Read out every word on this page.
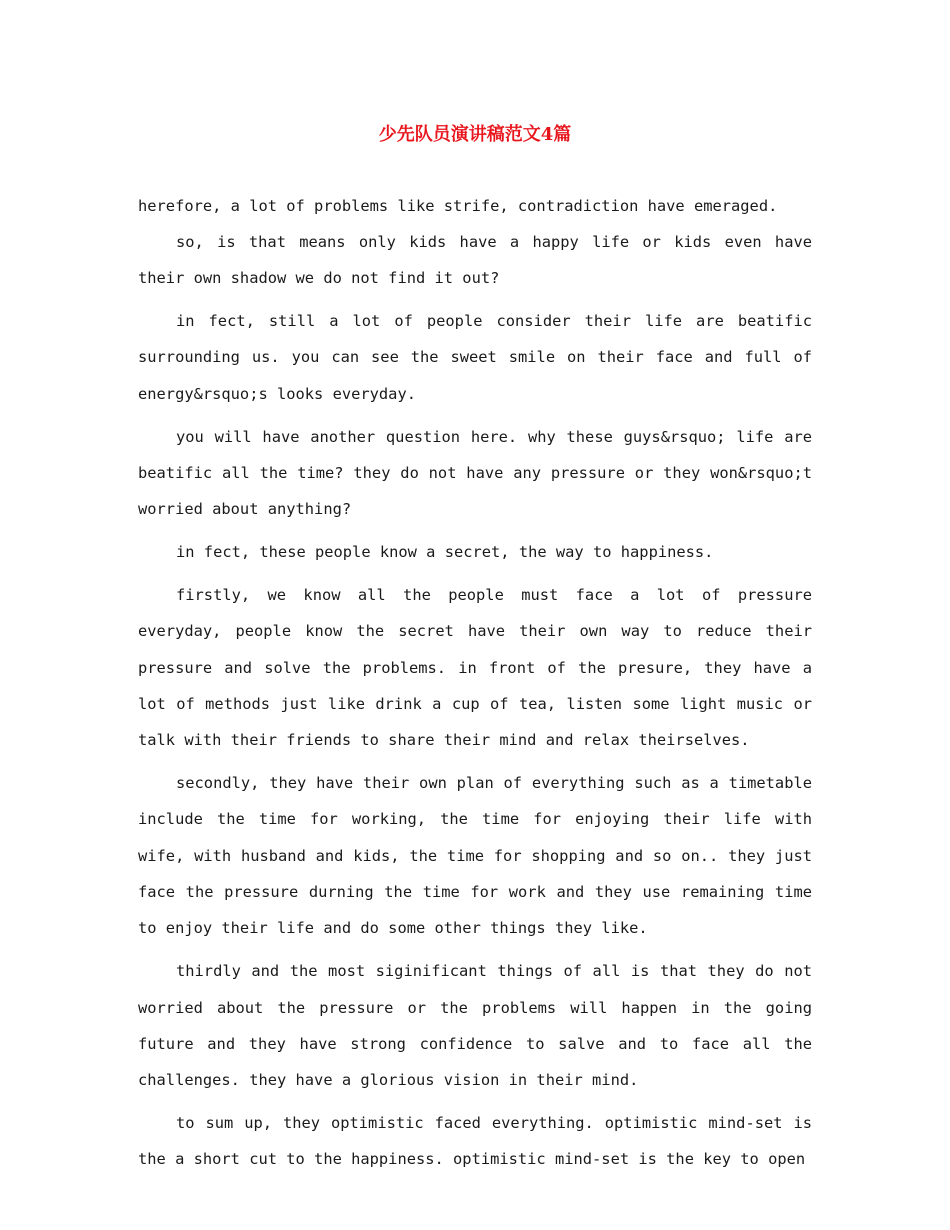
少先队员演讲稿范文4篇

herefore, a lot of problems like strife, contradiction have emeraged.

so, is that means only kids have a happy life or kids even have their own shadow we do not find it out?

in fect, still a lot of people consider their life are beatific surrounding us. you can see the sweet smile on their face and full of energy&rsquo;s looks everyday.

you will have another question here. why these guys&rsquo; life are beatific all the time? they do not have any pressure or they won&rsquo;t worried about anything?

in fect, these people know a secret, the way to happiness.

firstly, we know all the people must face a lot of pressure everyday, people know the secret have their own way to reduce their pressure and solve the problems. in front of the presure, they have a lot of methods just like drink a cup of tea, listen some light music or talk with their friends to share their mind and relax theirselves.

secondly, they have their own plan of everything such as a timetable include the time for working, the time for enjoying their life with wife, with husband and kids, the time for shopping and so on.. they just face the pressure durning the time for work and they use remaining time to enjoy their life and do some other things they like.

thirdly and the most siginificant things of all is that they do not worried about the pressure or the problems will happen in the going future and they have strong confidence to salve and to face all the challenges. they have a glorious vision in their mind.

to sum up, they optimistic faced everything. optimistic mind-set is the a short cut to the happiness. optimistic mind-set is the key to open
